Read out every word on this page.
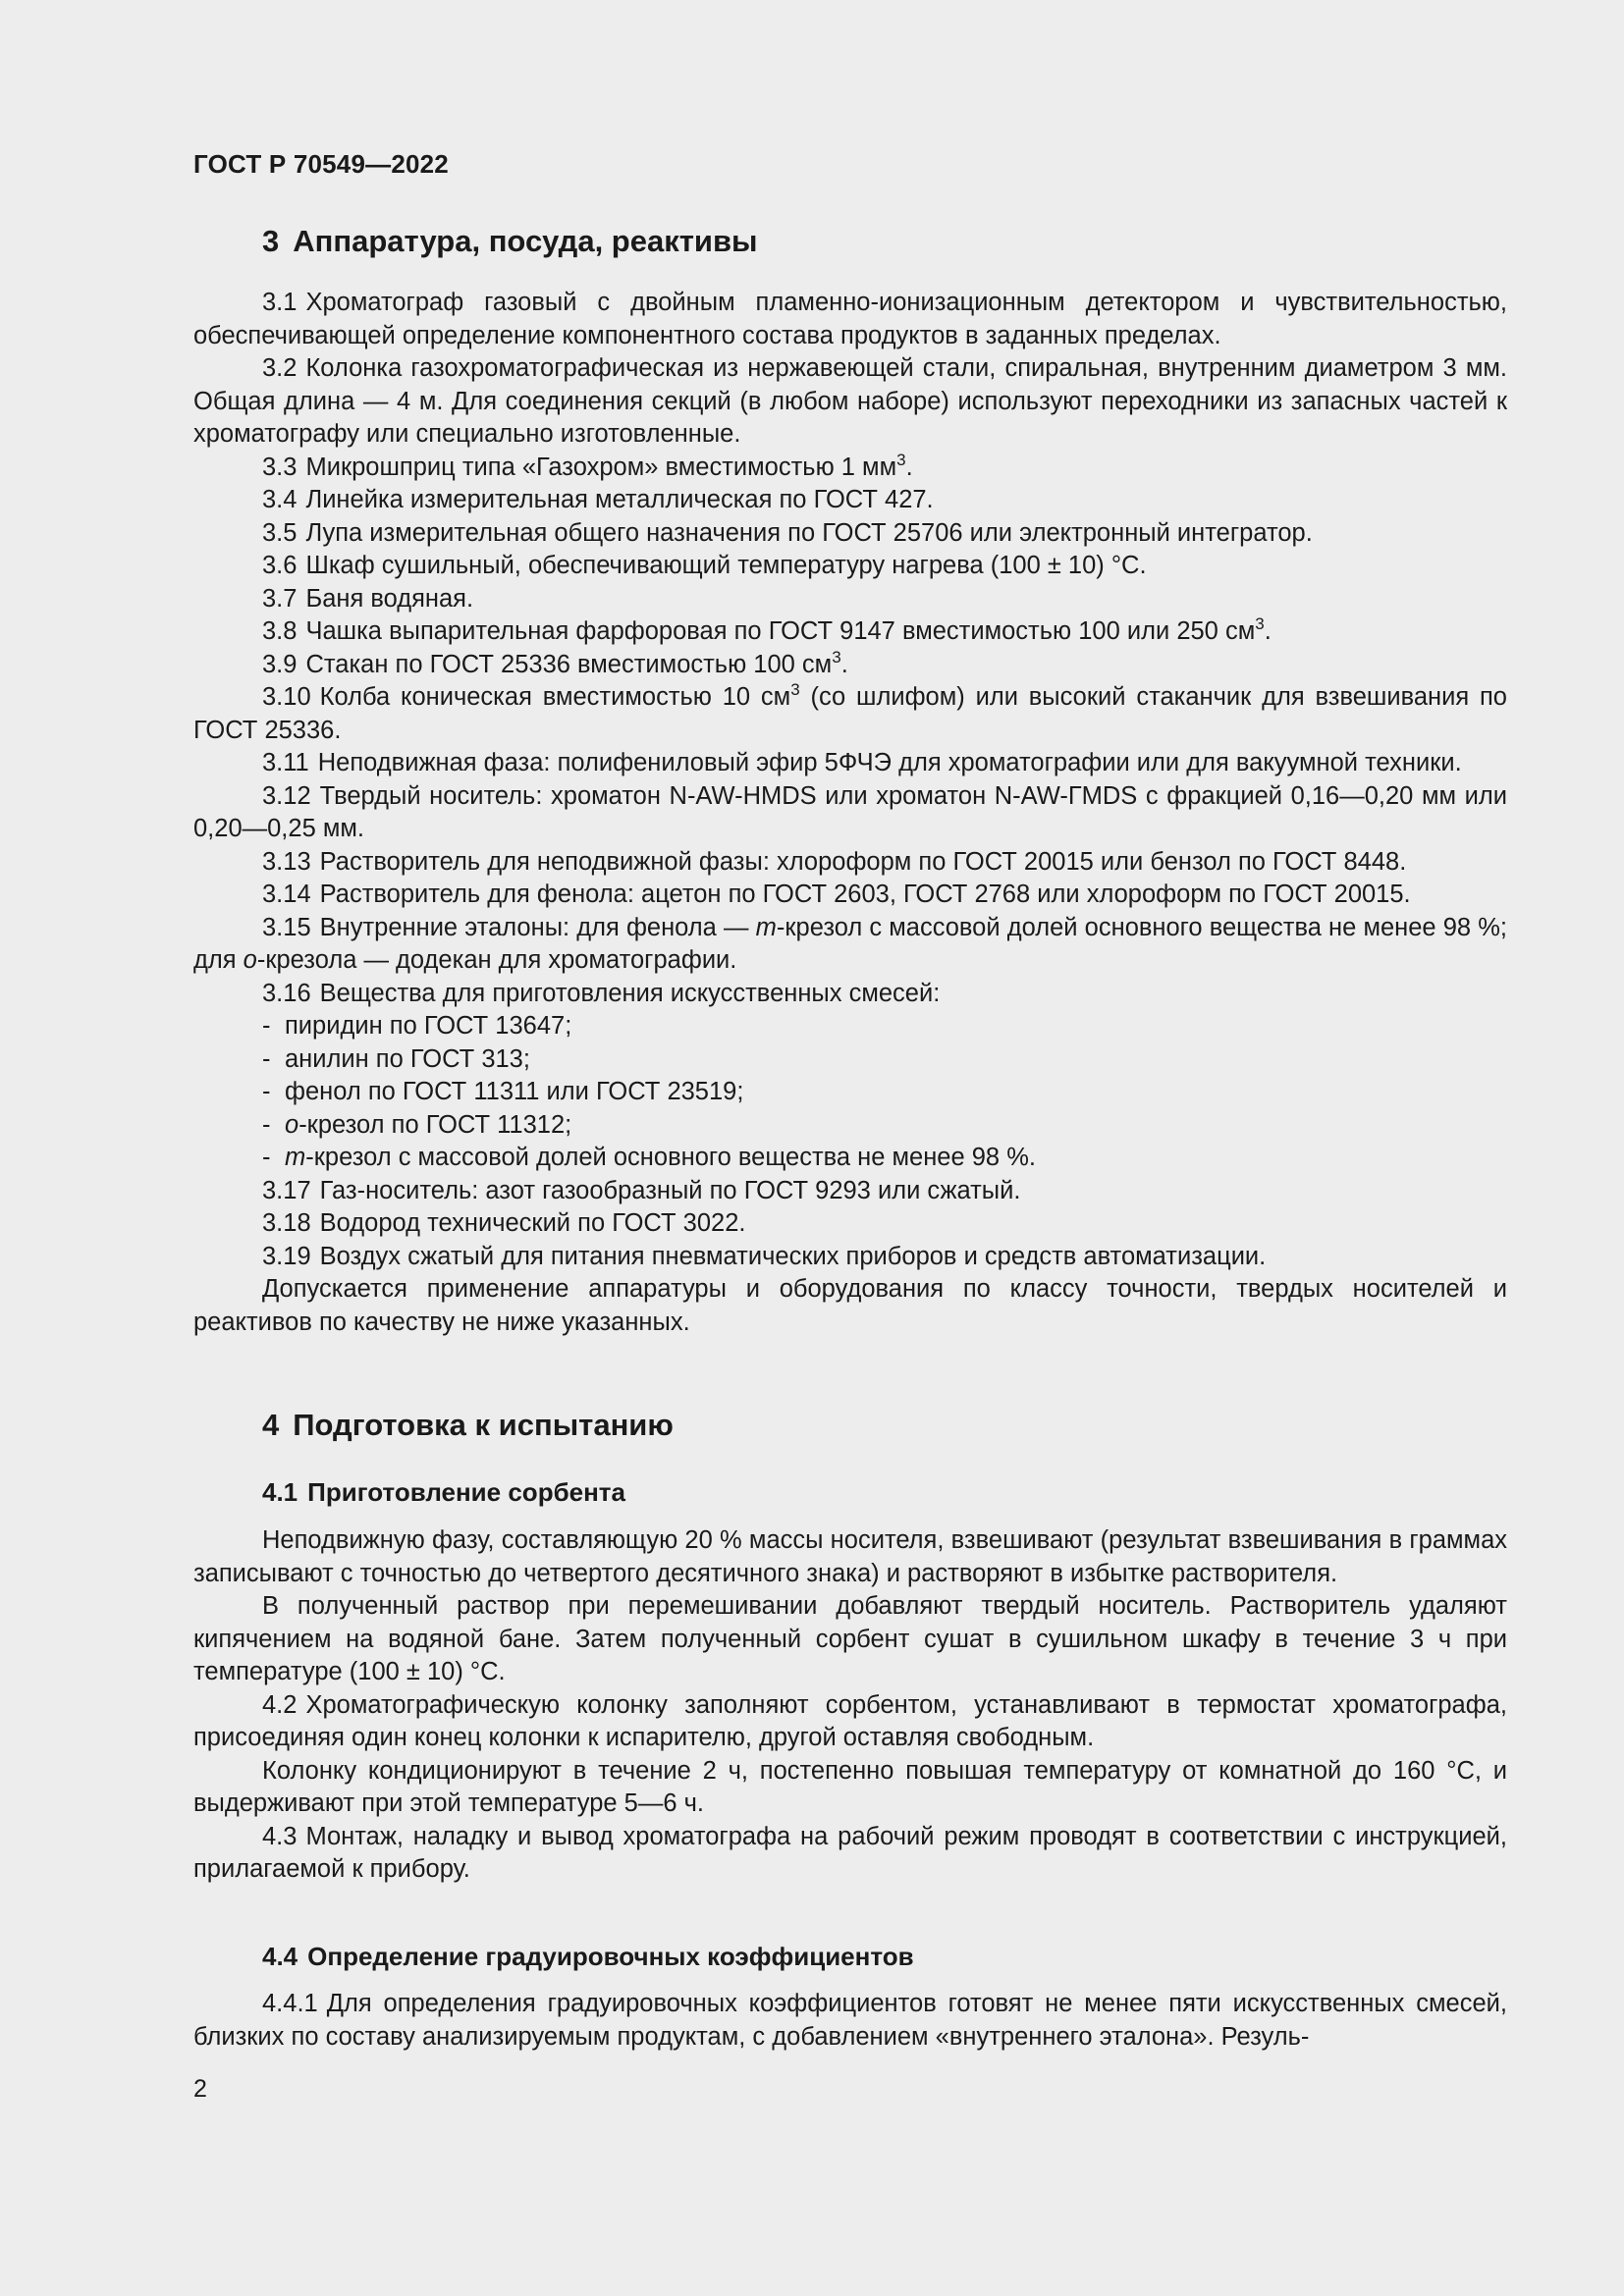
ГОСТ Р 70549—2022
3 Аппаратура, посуда, реактивы

3.1 Хроматограф газовый с двойным пламенно-ионизационным детектором и чувствительностью, обеспечивающей определение компонентного состава продуктов в заданных пределах.

3.2 Колонка газохроматографическая из нержавеющей стали, спиральная, внутренним диаметром 3 мм. Общая длина — 4 м. Для соединения секций (в любом наборе) используют переходники из запасных частей к хроматографу или специально изготовленные.

3.3 Микрошприц типа «Газохром» вместимостью 1 $мм^3$.

3.4 Линейка измерительная металлическая по ГОСТ 427.

3.5 Лупа измерительная общего назначения по ГОСТ 25706 или электронный интегратор.

3.6 Шкаф сушильный, обеспечивающий температуру нагрева (100 ± 10) °С.

3.7 Баня водяная.

3.8 Чашка выпарительная фарфоровая по ГОСТ 9147 вместимостью 100 или 250 $см^3$.

3.9 Стакан по ГОСТ 25336 вместимостью 100 $см^3$.

3.10 Колба коническая вместимостью 10 $см^3$ (со шлифом) или высокий стаканчик для взвешивания по ГОСТ 25336.

3.11 Неподвижная фаза: полифениловый эфир 5ФЧЭ для хроматографии или для вакуумной техники.

3.12 Твердый носитель: хроматон N-AW-HMDS или хроматон N-AW-ГMDS с фракцией 0,16—0,20 мм или 0,20—0,25 мм.

3.13 Растворитель для неподвижной фазы: хлороформ по ГОСТ 20015 или бензол по ГОСТ 8448.

3.14 Растворитель для фенола: ацетон по ГОСТ 2603, ГОСТ 2768 или хлороформ по ГОСТ 20015.

3.15 Внутренние эталоны: для фенола — т-крезол с массовой долей основного вещества не менее 98 %; для о-крезола — додекан для хроматографии.

3.16 Вещества для приготовления искусственных смесей:

- пиридин по ГОСТ 13647;

- анилин по ГОСТ 313;

- фенол по ГОСТ 11311 или ГОСТ 23519;

- о-крезол по ГОСТ 11312;

- т-крезол с массовой долей основного вещества не менее 98 %.

3.17 Газ-носитель: азот газообразный по ГОСТ 9293 или сжатый.

3.18 Водород технический по ГОСТ 3022.

3.19 Воздух сжатый для питания пневматических приборов и средств автоматизации.

Допускается применение аппаратуры и оборудования по классу точности, твердых носителей и реактивов по качеству не ниже указанных.

4 Подготовка к испытанию
4.1 Приготовление сорбента

Неподвижную фазу, составляющую 20 % массы носителя, взвешивают (результат взвешивания в граммах записывают с точностью до четвертого десятичного знака) и растворяют в избытке растворителя.

В полученный раствор при перемешивании добавляют твердый носитель. Растворитель удаляют кипячением на водяной бане. Затем полученный сорбент сушат в сушильном шкафу в течение 3 ч при температуре (100 ± 10) °С.

4.2 Хроматографическую колонку заполняют сорбентом, устанавливают в термостат хроматографа, присоединяя один конец колонки к испарителю, другой оставляя свободным.

Колонку кондиционируют в течение 2 ч, постепенно повышая температуру от комнатной до 160 °С, и выдерживают при этой температуре 5—6 ч.

4.3 Монтаж, наладку и вывод хроматографа на рабочий режим проводят в соответствии с инструкцией, прилагаемой к прибору.

4.4 Определение градуировочных коэффициентов

4.4.1 Для определения градуировочных коэффициентов готовят не менее пяти искусственных смесей, близких по составу анализируемым продуктам, с добавлением «внутреннего эталона». Резуль-

2
